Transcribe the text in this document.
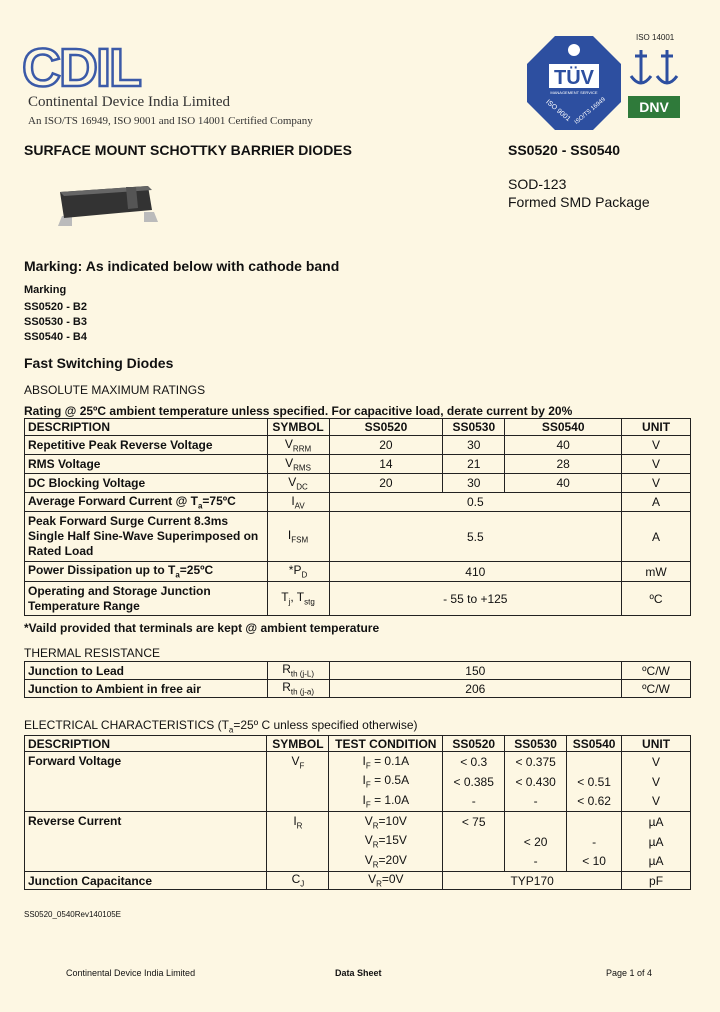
CDIL
Continental Device India Limited
An ISO/TS 16949, ISO 9001 and ISO 14001 Certified Company
TÜV
MANAGEMENT SERVICE
ISO 9001 ISO/TS 16949
ISO 14001
DNV
SURFACE MOUNT SCHOTTKY BARRIER DIODES	SS0520 - SS0540
SOD-123
Formed SMD Package
Marking: As indicated below with cathode band
Marking
SS0520 - B2
SS0530 - B3
SS0540 - B4
Fast Switching Diodes
ABSOLUTE MAXIMUM RATINGS
Rating @ 25ºC ambient temperature unless specified. For capacitive load, derate current by 20%
DESCRIPTION	SYMBOL	SS0520	SS0530	SS0540	UNIT
Repetitive Peak Reverse Voltage	$V_{RRM}$	20	30	40	V
RMS Voltage	$V_{RMS}$	14	21	28	V
DC Blocking Voltage	$V_{DC}$	20	30	40	V
Average Forward Current @ $T_a=75ºC$	$I_{AV}$	0.5			A
Peak Forward Surge Current 8.3ms Single Half Sine-Wave Superimposed on Rated Load	$I_{FSM}$	5.5			A
Power Dissipation up to $T_a=25ºC$	$*P_D$	410			mW
Operating and Storage Junction Temperature Range	$T_j$, $T_{stg}$	- 55 to +125			ºC
*Vaild provided that terminals are kept @ ambient temperature
THERMAL RESISTANCE
Junction to Lead	$R_{th (j-L)}$	150	ºC/W
Junction to Ambient in free air	$R_{th (j-a)}$	206	ºC/W
ELECTRICAL CHARACTERISTICS ($T_a=25º$ C unless specified otherwise)
DESCRIPTION	SYMBOL	TEST CONDITION	SS0520	SS0530	SS0540	UNIT
Forward Voltage	$V_F$	$I_F = 0.1A$	< 0.3	< 0.375		V
		$I_F = 0.5A$	< 0.385	< 0.430	< 0.51	V
		$I_F = 1.0A$	-	-	< 0.62	V
Reverse Current	$I_R$	$V_R=10V$	< 75			µA
		$V_R=15V$		< 20	-	µA
		$V_R=20V$		-	< 10	µA
Junction Capacitance	$C_J$	$V_R=0V$	TYP170			pF
SS0520_0540Rev140105E
Continental Device India Limited	Data Sheet	Page 1 of 4
